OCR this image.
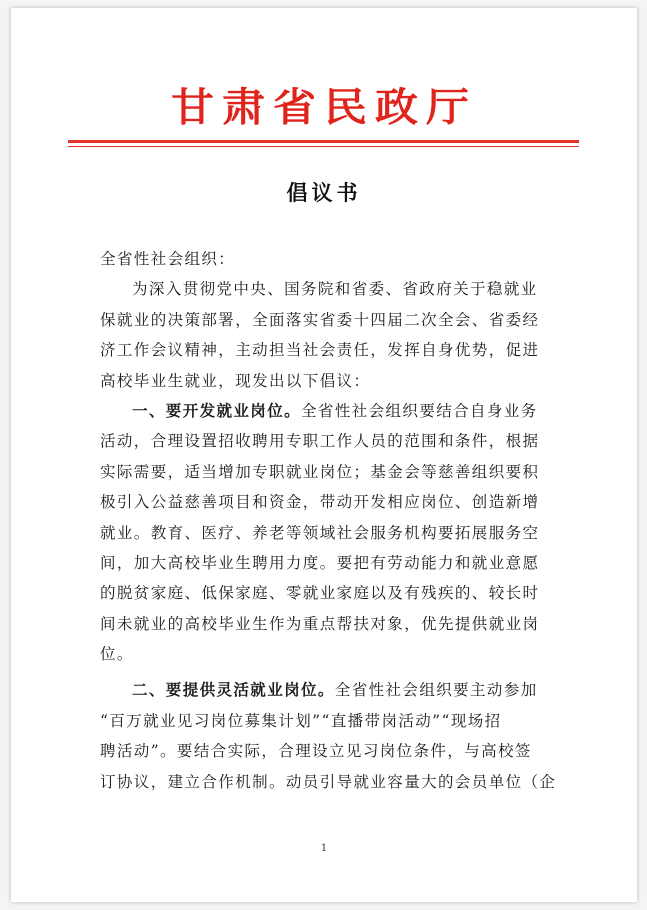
甘肃省民政厅
倡议书
全省性社会组织：
为深入贯彻党中央、国务院和省委、省政府关于稳就业
保就业的决策部署，全面落实省委十四届二次全会、省委经
济工作会议精神，主动担当社会责任，发挥自身优势，促进
高校毕业生就业，现发出以下倡议：
一、要开发就业岗位。全省性社会组织要结合自身业务
活动，合理设置招收聘用专职工作人员的范围和条件，根据
实际需要，适当增加专职就业岗位；基金会等慈善组织要积
极引入公益慈善项目和资金，带动开发相应岗位、创造新增
就业。教育、医疗、养老等领域社会服务机构要拓展服务空
间，加大高校毕业生聘用力度。要把有劳动能力和就业意愿
的脱贫家庭、低保家庭、零就业家庭以及有残疾的、较长时
间未就业的高校毕业生作为重点帮扶对象，优先提供就业岗
位。
二、要提供灵活就业岗位。全省性社会组织要主动参加
“百万就业见习岗位募集计划”“直播带岗活动”“现场招
聘活动”。要结合实际，合理设立见习岗位条件，与高校签
订协议，建立合作机制。动员引导就业容量大的会员单位（企
1
